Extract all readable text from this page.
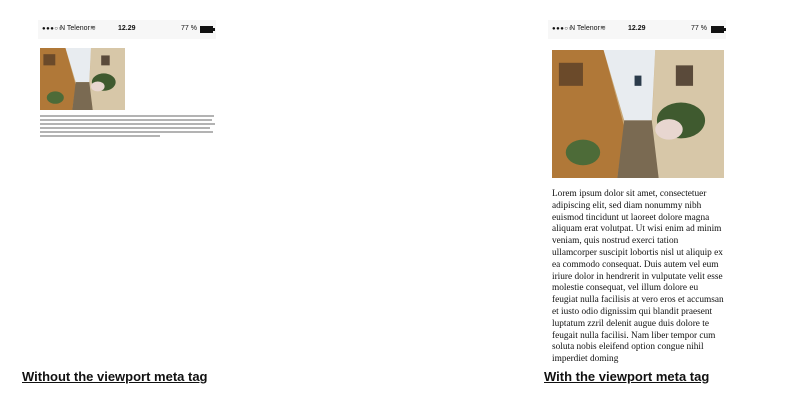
●●●○○
N Telenor ≋	12.29	77 %	●●●○○
N Telenor ≋	12.29	77 %
Lorem ipsum dolor sit amet, consectetuer adipiscing elit, sed diam nonummy nibh euismod tincidunt ut laoreet dolore magna aliquam erat volutpat. Ut wisi enim ad minim veniam, quis nostrud exerci tation ullamcorper suscipit lobortis nisl ut aliquip ex ea commodo consequat. Duis autem vel eum iriure dolor in hendrerit in vulputate velit esse molestie consequat, vel illum dolore eu feugiat nulla facilisis at vero eros et accumsan et iusto odio dignissim qui blandit praesent luptatum zzril delenit augue duis dolore te feugait nulla facilisi. Nam liber tempor cum soluta nobis eleifend option congue nihil imperdiet doming
Without the viewport meta tag	With the viewport meta tag
